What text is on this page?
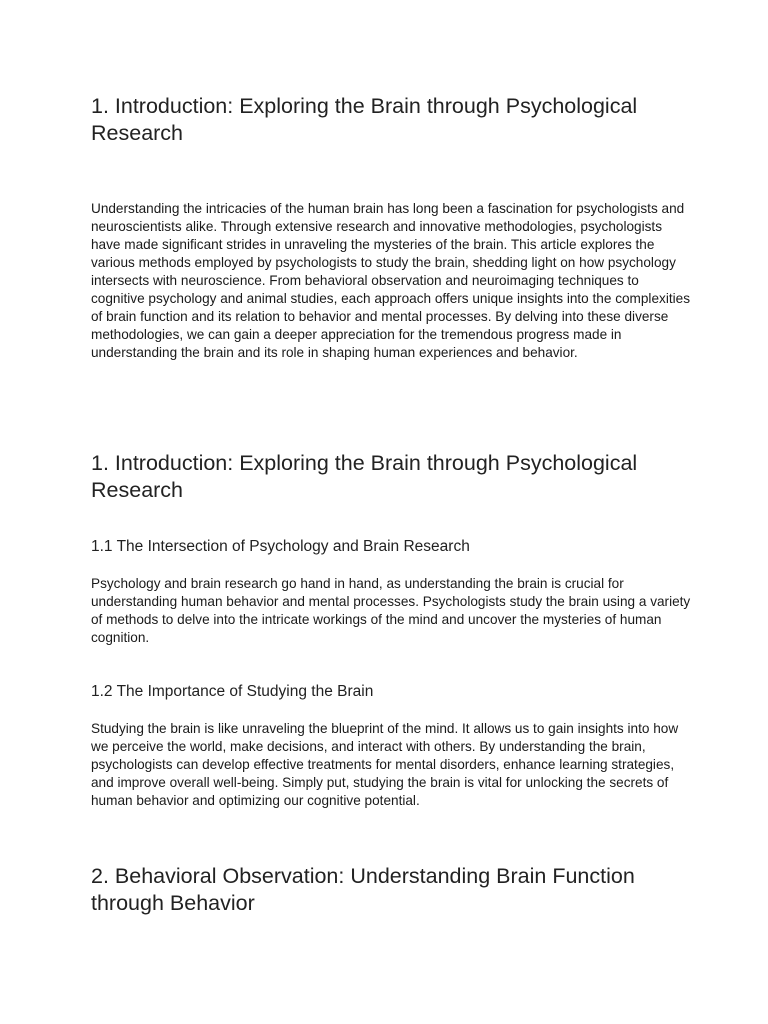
1. Introduction: Exploring the Brain through Psychological Research

Understanding the intricacies of the human brain has long been a fascination for psychologists and neuroscientists alike. Through extensive research and innovative methodologies, psychologists have made significant strides in unraveling the mysteries of the brain. This article explores the various methods employed by psychologists to study the brain, shedding light on how psychology intersects with neuroscience. From behavioral observation and neuroimaging techniques to cognitive psychology and animal studies, each approach offers unique insights into the complexities of brain function and its relation to behavior and mental processes. By delving into these diverse methodologies, we can gain a deeper appreciation for the tremendous progress made in understanding the brain and its role in shaping human experiences and behavior.

1. Introduction: Exploring the Brain through Psychological Research
1.1 The Intersection of Psychology and Brain Research

Psychology and brain research go hand in hand, as understanding the brain is crucial for understanding human behavior and mental processes. Psychologists study the brain using a variety of methods to delve into the intricate workings of the mind and uncover the mysteries of human cognition.

1.2 The Importance of Studying the Brain

Studying the brain is like unraveling the blueprint of the mind. It allows us to gain insights into how we perceive the world, make decisions, and interact with others. By understanding the brain, psychologists can develop effective treatments for mental disorders, enhance learning strategies, and improve overall well-being. Simply put, studying the brain is vital for unlocking the secrets of human behavior and optimizing our cognitive potential.

2. Behavioral Observation: Understanding Brain Function through Behavior
